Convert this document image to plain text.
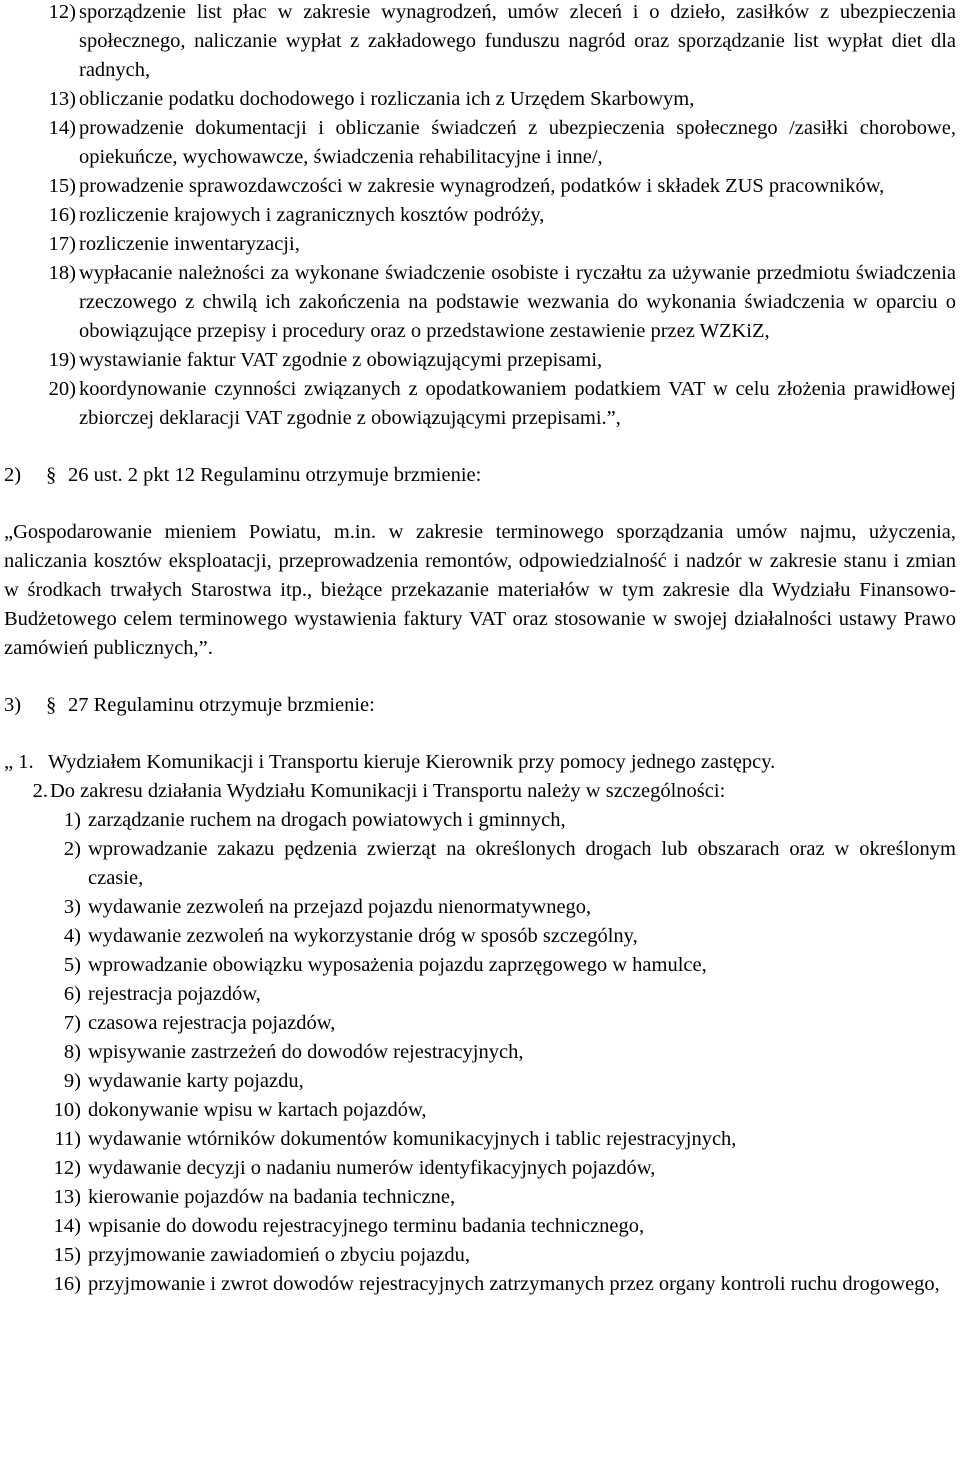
12) sporządzenie list płac w zakresie wynagrodzeń, umów zleceń i o dzieło, zasiłków z ubezpieczenia społecznego, naliczanie wypłat z zakładowego funduszu nagród oraz sporządzanie list wypłat diet dla radnych,
13) obliczanie podatku dochodowego i rozliczania ich z Urzędem Skarbowym,
14) prowadzenie dokumentacji i obliczanie świadczeń z ubezpieczenia społecznego /zasiłki chorobowe, opiekuńcze, wychowawcze, świadczenia rehabilitacyjne i inne/,
15) prowadzenie sprawozdawczości w zakresie wynagrodzeń, podatków i składek ZUS pracowników,
16) rozliczenie krajowych i zagranicznych kosztów podróży,
17) rozliczenie inwentaryzacji,
18) wypłacanie należności za wykonane świadczenie osobiste i ryczałtu za używanie przedmiotu świadczenia rzeczowego z chwilą ich zakończenia na podstawie wezwania do wykonania świadczenia w oparciu o obowiązujące przepisy i procedury oraz o przedstawione zestawienie przez WZKiZ,
19) wystawianie faktur VAT zgodnie z obowiązującymi przepisami,
20) koordynowanie czynności związanych z opodatkowaniem podatkiem VAT w celu złożenia prawidłowej zbiorczej deklaracji VAT zgodnie z obowiązującymi przepisami.”,
2)	§ 26 ust. 2 pkt 12 Regulaminu otrzymuje brzmienie:

„Gospodarowanie mieniem Powiatu, m.in. w zakresie terminowego sporządzania umów najmu, użyczenia, naliczania kosztów eksploatacji, przeprowadzenia remontów, odpowiedzialność i nadzór w zakresie stanu i zmian w środkach trwałych Starostwa itp., bieżące przekazanie materiałów w tym zakresie dla Wydziału Finansowo-Budżetowego celem terminowego wystawienia faktury VAT oraz stosowanie w swojej działalności ustawy Prawo zamówień publicznych,”.

3)	§ 27 Regulaminu otrzymuje brzmienie:
„ 1. Wydziałem Komunikacji i Transportu kieruje Kierownik przy pomocy jednego zastępcy.
2. Do zakresu działania Wydziału Komunikacji i Transportu należy w szczególności:
1) zarządzanie ruchem na drogach powiatowych i gminnych,
2) wprowadzanie zakazu pędzenia zwierząt na określonych drogach lub obszarach oraz w określonym czasie,
3) wydawanie zezwoleń na przejazd pojazdu nienormatywnego,
4) wydawanie zezwoleń na wykorzystanie dróg w sposób szczególny,
5) wprowadzanie obowiązku wyposażenia pojazdu zaprzęgowego w hamulce,
6) rejestracja pojazdów,
7) czasowa rejestracja pojazdów,
8) wpisywanie zastrzeżeń do dowodów rejestracyjnych,
9) wydawanie karty pojazdu,
10) dokonywanie wpisu w kartach pojazdów,
11) wydawanie wtórników dokumentów komunikacyjnych i tablic rejestracyjnych,
12) wydawanie decyzji o nadaniu numerów identyfikacyjnych pojazdów,
13) kierowanie pojazdów na badania techniczne,
14) wpisanie do dowodu rejestracyjnego terminu badania technicznego,
15) przyjmowanie zawiadomień o zbyciu pojazdu,
16) przyjmowanie i zwrot dowodów rejestracyjnych zatrzymanych przez organy kontroli ruchu drogowego,
